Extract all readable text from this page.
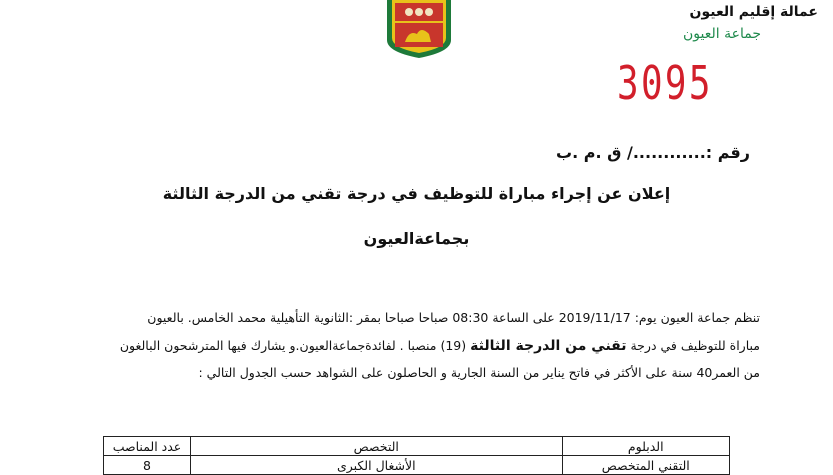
عمالة إقليم العيون
جماعة العيون
3095
رقم :............/ ق .م .ب
إعلان عن إجراء مباراة للتوظيف في درجة تقني من الدرجة الثالثة
بجماعةالعيون
تنظم جماعة العيون يوم: 2019/11/17 على الساعة 08:30 صباحا صباحا بمقر :الثانوية التأهيلية محمد الخامس. بالعيون
مباراة للتوظيف في درجة تقني من الدرجة الثالثة (19) منصبا . لفائدةجماعةالعيون.و يشارك فيها المترشحون البالغون
من العمر40 سنة على الأكثر في فاتح يناير من السنة الجارية و الحاصلون على الشواهد حسب الجدول التالي :
الدبلوم	التخصص	عدد المناصب
التقني المتخصص	الأشغال الكبرى	8
